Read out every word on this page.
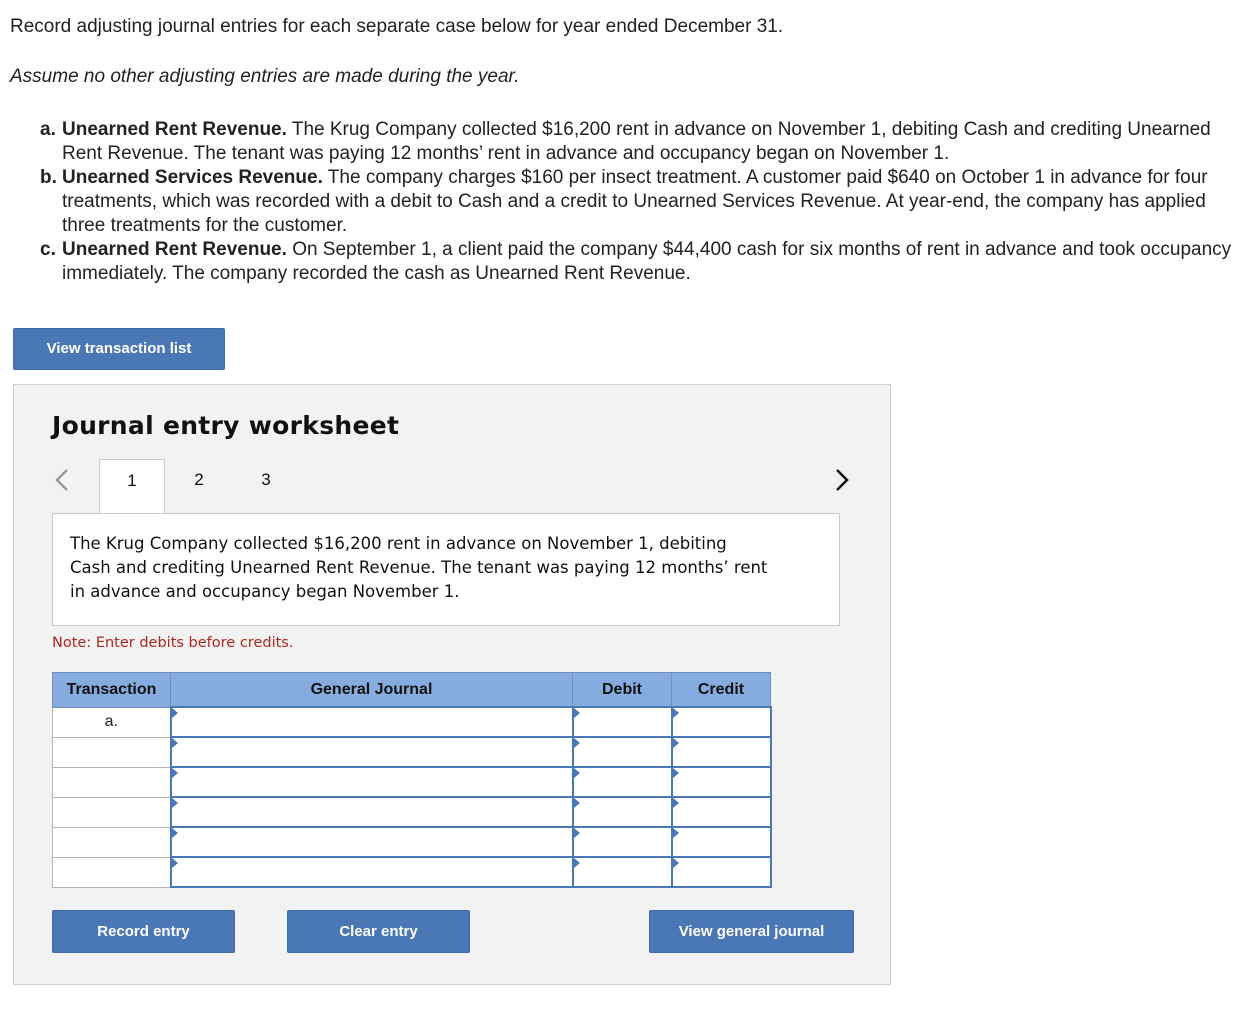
Record adjusting journal entries for each separate case below for year ended December 31.
Assume no other adjusting entries are made during the year.
a. Unearned Rent Revenue. The Krug Company collected $16,200 rent in advance on November 1, debiting Cash and crediting Unearned Rent Revenue. The tenant was paying 12 months’ rent in advance and occupancy began on November 1.
b. Unearned Services Revenue. The company charges $160 per insect treatment. A customer paid $640 on October 1 in advance for four treatments, which was recorded with a debit to Cash and a credit to Unearned Services Revenue. At year-end, the company has applied three treatments for the customer.
c. Unearned Rent Revenue. On September 1, a client paid the company $44,400 cash for six months of rent in advance and took occupancy immediately. The company recorded the cash as Unearned Rent Revenue.
View transaction list
Journal entry worksheet
1	2	3
The Krug Company collected $16,200 rent in advance on November 1, debiting Cash and crediting Unearned Rent Revenue. The tenant was paying 12 months’ rent in advance and occupancy began November 1.
Note: Enter debits before credits.
Transaction	General Journal	Debit	Credit
a.	

Record entry	Clear entry	View general journal
